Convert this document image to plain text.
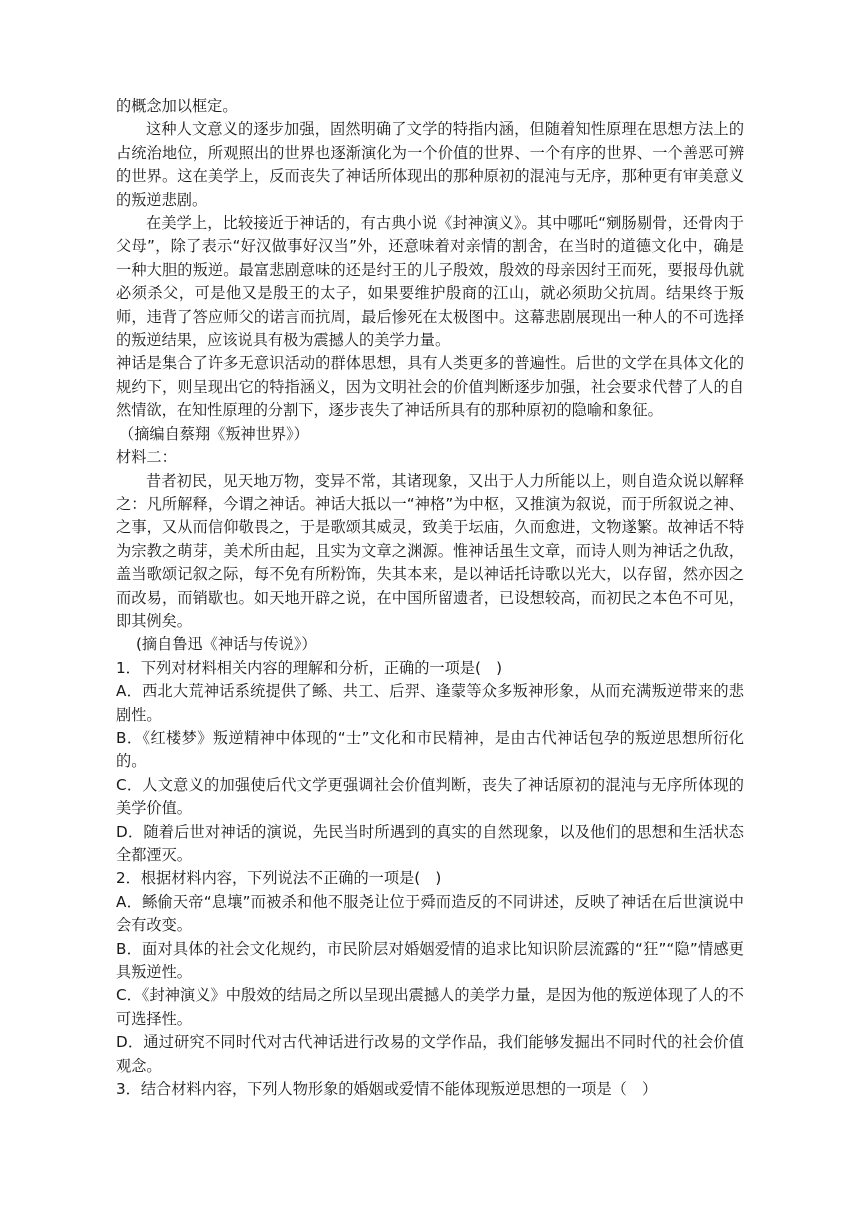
的概念加以框定。

这种人文意义的逐步加强，固然明确了文学的特指内涵，但随着知性原理在思想方法上的占统治地位，所观照出的世界也逐渐演化为一个价值的世界、一个有序的世界、一个善恶可辨的世界。这在美学上，反而丧失了神话所体现出的那种原初的混沌与无序，那种更有审美意义的叛逆悲剧。

在美学上，比较接近于神话的，有古典小说《封神演义》。其中哪吒“剜肠剔骨，还骨肉于父母”，除了表示“好汉做事好汉当”外，还意味着对亲情的割舍，在当时的道德文化中，确是一种大胆的叛逆。最富悲剧意味的还是纣王的儿子殷效，殷效的母亲因纣王而死，要报母仇就必须杀父，可是他又是殷王的太子，如果要维护殷商的江山，就必须助父抗周。结果终于叛师，违背了答应师父的诺言而抗周，最后惨死在太极图中。这幕悲剧展现出一种人的不可选择的叛逆结果，应该说具有极为震撼人的美学力量。

神话是集合了许多无意识活动的群体思想，具有人类更多的普遍性。后世的文学在具体文化的规约下，则呈现出它的特指涵义，因为文明社会的价值判断逐步加强，社会要求代替了人的自然情欲，在知性原理的分割下，逐步丧失了神话所具有的那种原初的隐喻和象征。

（摘编自蔡翔《叛神世界》）

材料二：

昔者初民，见天地万物，变异不常，其诸现象，又出于人力所能以上，则自造众说以解释之：凡所解释，今谓之神话。神话大抵以一“神格”为中枢，又推演为叙说，而于所叙说之神、之事，又从而信仰敬畏之，于是歌颂其威灵，致美于坛庙，久而愈进，文物遂繁。故神话不特为宗教之萌芽，美术所由起，且实为文章之渊源。惟神话虽生文章，而诗人则为神话之仇敌，盖当歌颂记叙之际，每不免有所粉饰，失其本来，是以神话托诗歌以光大，以存留，然亦因之而改易，而销歇也。如天地开辟之说，在中国所留遗者，已设想较高，而初民之本色不可见，即其例矣。

(摘自鲁迅《神话与传说》）

1．下列对材料相关内容的理解和分析，正确的一项是(　)

A．西北大荒神话系统提供了鲧、共工、后羿、逢蒙等众多叛神形象，从而充满叛逆带来的悲剧性。

B．《红楼梦》叛逆精神中体现的“士”文化和市民精神，是由古代神话包孕的叛逆思想所衍化的。

C．人文意义的加强使后代文学更强调社会价值判断，丧失了神话原初的混沌与无序所体现的美学价值。

D．随着后世对神话的演说，先民当时所遇到的真实的自然现象，以及他们的思想和生活状态全都湮灭。

2．根据材料内容，下列说法不正确的一项是(　)

A．鲧偷天帝“息壤”而被杀和他不服尧让位于舜而造反的不同讲述，反映了神话在后世演说中会有改变。

B．面对具体的社会文化规约，市民阶层对婚姻爱情的追求比知识阶层流露的“狂”“隐”情感更具叛逆性。

C．《封神演义》中殷效的结局之所以呈现出震撼人的美学力量，是因为他的叛逆体现了人的不可选择性。

D．通过研究不同时代对古代神话进行改易的文学作品，我们能够发掘出不同时代的社会价值观念。

3．结合材料内容，下列人物形象的婚姻或爱情不能体现叛逆思想的一项是（　）
